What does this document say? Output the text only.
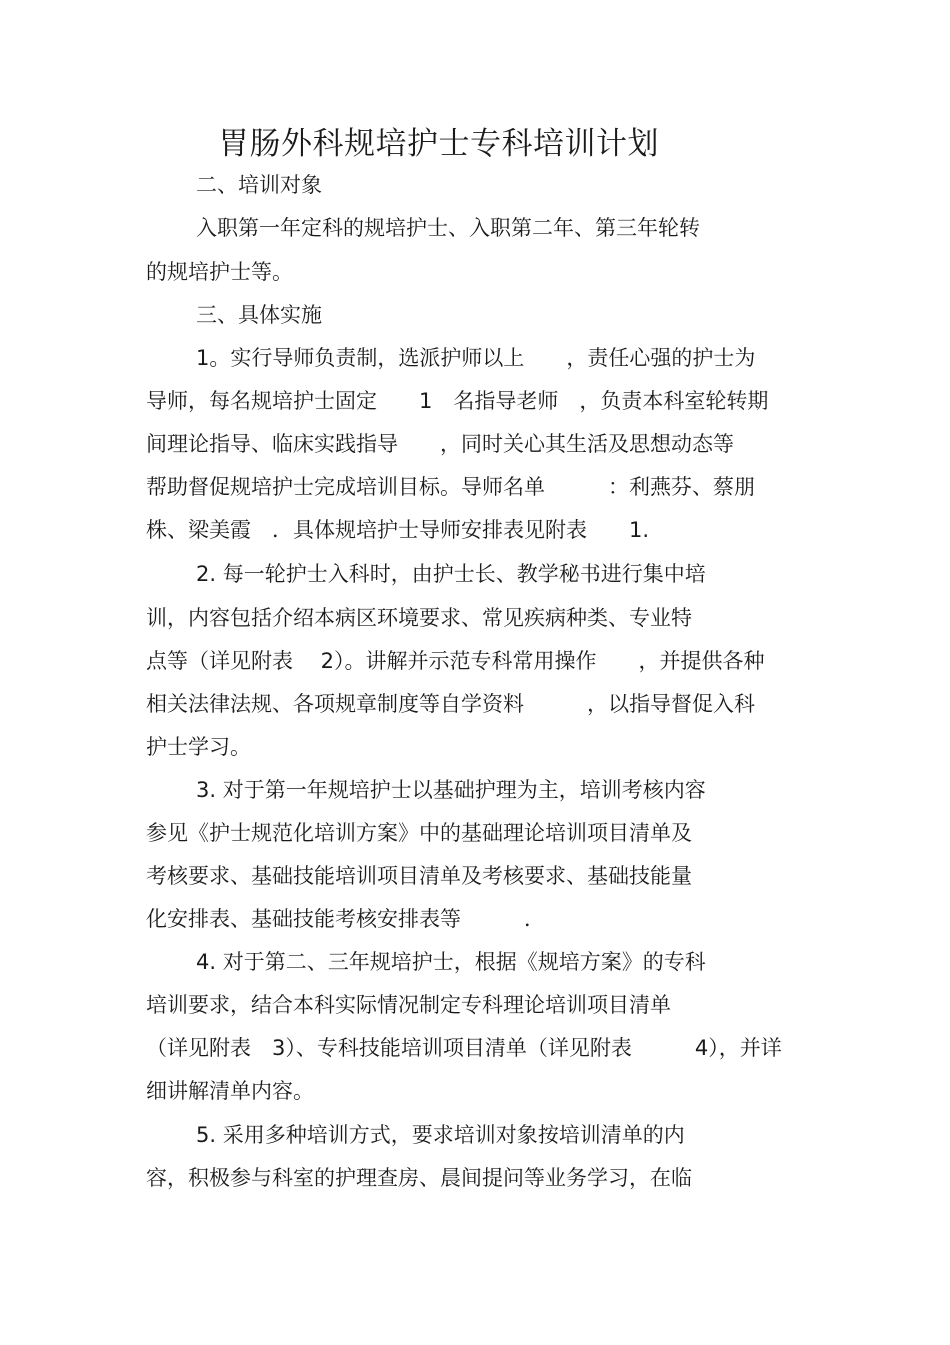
胃肠外科规培护士专科培训计划
二、培训对象
入职第一年定科的规培护士、入职第二年、第三年轮转
的规培护士等。
三、具体实施
1。实行导师负责制，选派护师以上　　，责任心强的护士为
导师，每名规培护士固定　　1　名指导老师　，负责本科室轮转期
间理论指导、临床实践指导　　，同时关心其生活及思想动态等
帮助督促规培护士完成培训目标。导师名单　　　：利燕芬、蔡朋
株、梁美霞　．具体规培护士导师安排表见附表　　1.
2. 每一轮护士入科时，由护士长、教学秘书进行集中培
训，内容包括介绍本病区环境要求、常见疾病种类、专业特
点等（详见附表　 2）。讲解并示范专科常用操作　　，并提供各种
相关法律法规、各项规章制度等自学资料　　　，以指导督促入科
护士学习。
3. 对于第一年规培护士以基础护理为主，培训考核内容
参见《护士规范化培训方案》中的基础理论培训项目清单及
考核要求、基础技能培训项目清单及考核要求、基础技能量
化安排表、基础技能考核安排表等　　　．
4. 对于第二、三年规培护士，根据《规培方案》的专科
培训要求，结合本科实际情况制定专科理论培训项目清单
（详见附表　3）、专科技能培训项目清单（详见附表　　　4），并详
细讲解清单内容。
5. 采用多种培训方式，要求培训对象按培训清单的内
容，积极参与科室的护理查房、晨间提问等业务学习，在临
